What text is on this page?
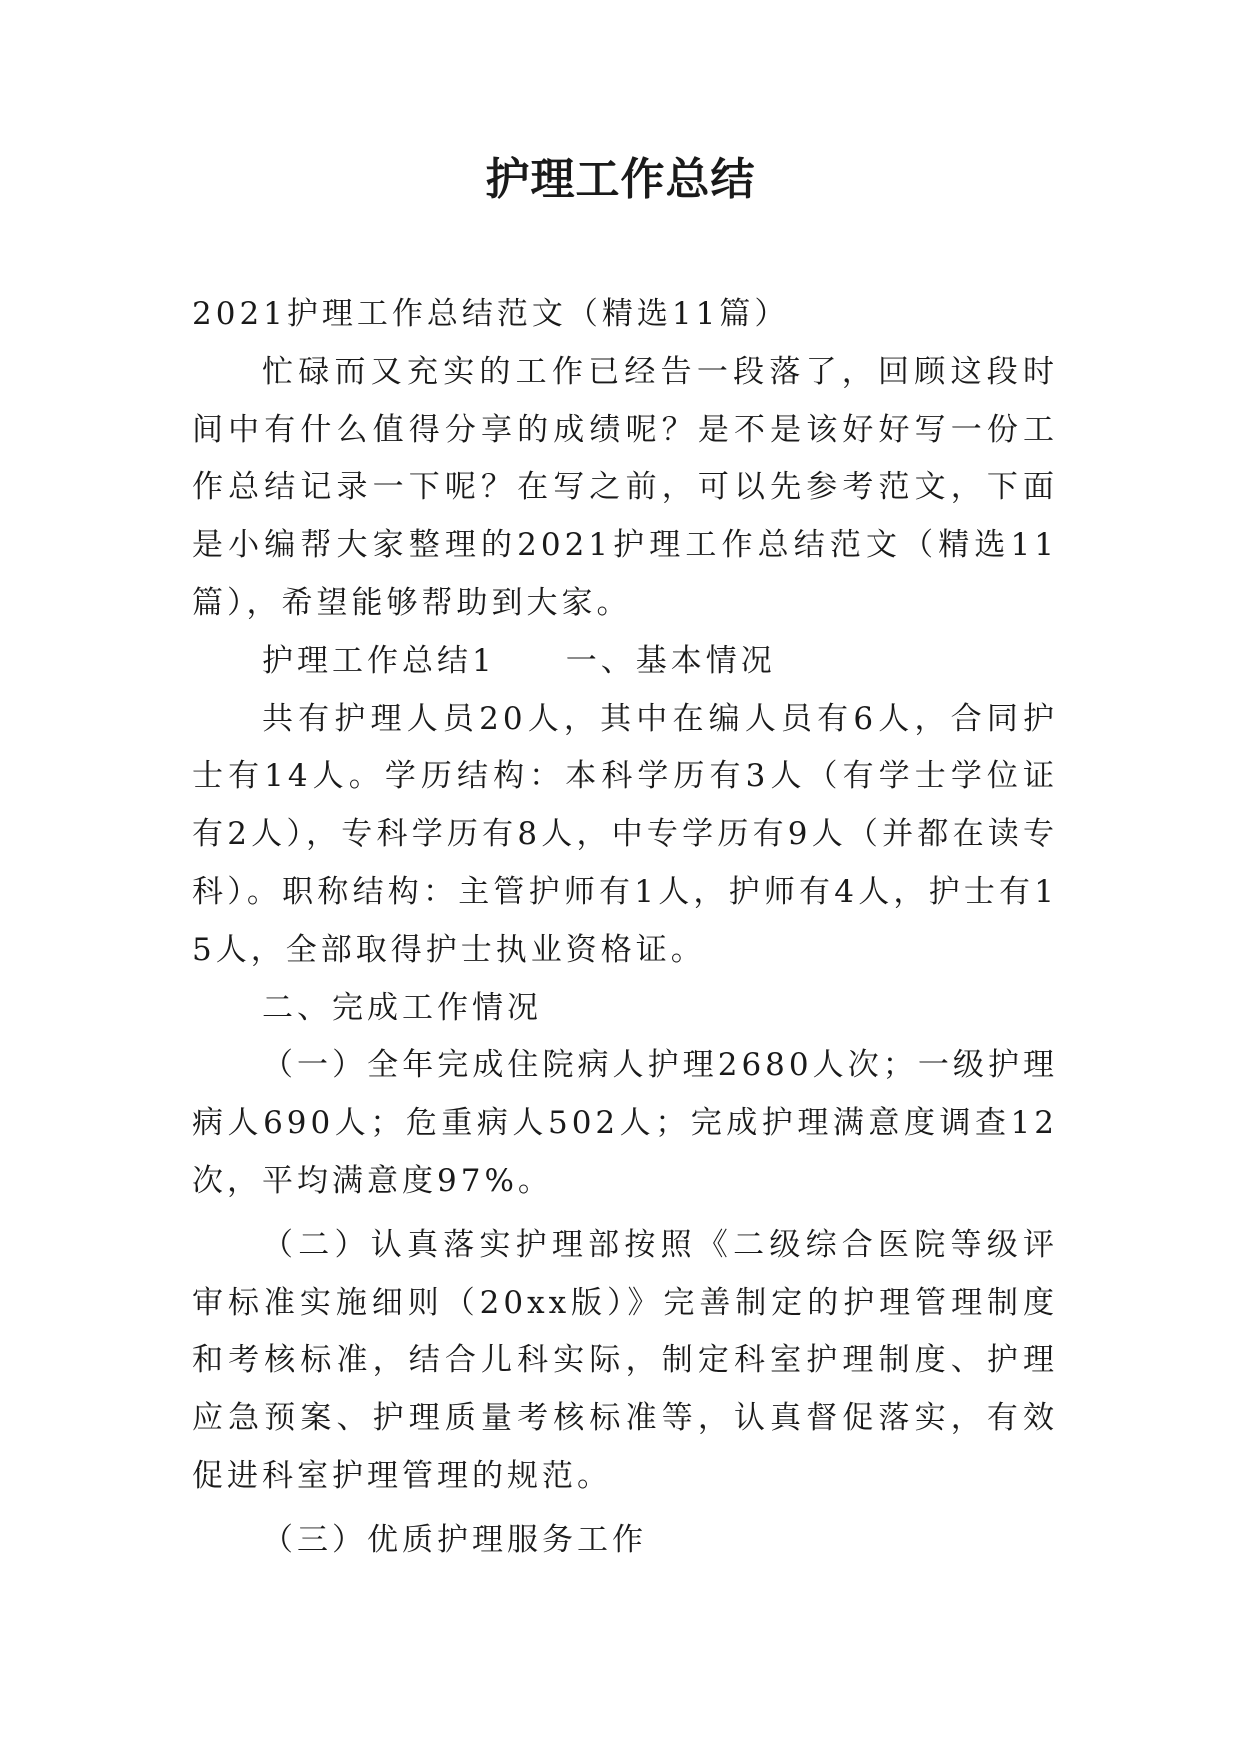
护理工作总结

2021护理工作总结范文（精选11篇）

忙碌而又充实的工作已经告一段落了，回顾这段时间中有什么值得分享的成绩呢？是不是该好好写一份工作总结记录一下呢？在写之前，可以先参考范文，下面是小编帮大家整理的2021护理工作总结范文（精选11篇），希望能够帮助到大家。

护理工作总结1　　一、基本情况

共有护理人员20人，其中在编人员有6人，合同护士有14人。学历结构：本科学历有3人（有学士学位证有2人），专科学历有8人，中专学历有9人（并都在读专科）。职称结构：主管护师有1人，护师有4人，护士有15人，全部取得护士执业资格证。

二、完成工作情况

（一）全年完成住院病人护理2680人次；一级护理病人690人；危重病人502人；完成护理满意度调查12次，平均满意度97%。

（二）认真落实护理部按照《二级综合医院等级评审标准实施细则（20xx版）》完善制定的护理管理制度和考核标准，结合儿科实际，制定科室护理制度、护理应急预案、护理质量考核标准等，认真督促落实，有效促进科室护理管理的规范。

（三）优质护理服务工作
